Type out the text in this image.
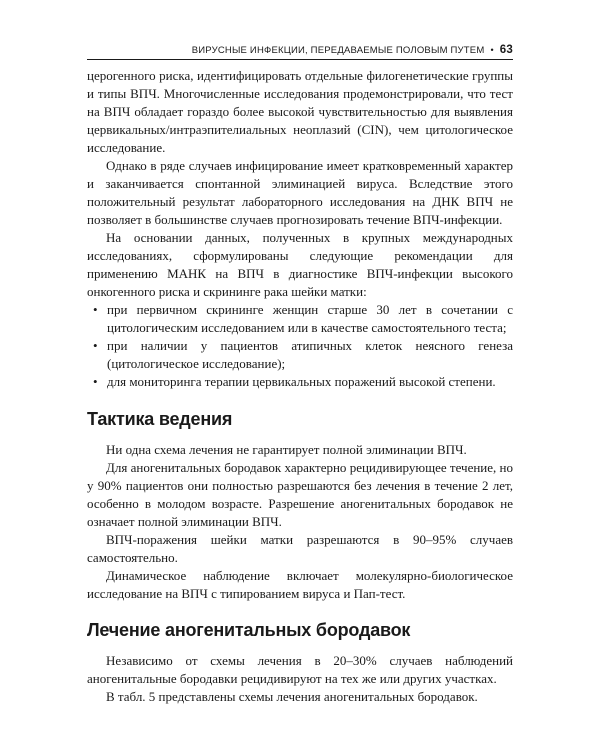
ВИРУСНЫЕ ИНФЕКЦИИ, ПЕРЕДАВАЕМЫЕ ПОЛОВЫМ ПУТЕМ • 63

церогенного риска, идентифицировать отдельные филогенетические группы и типы ВПЧ. Многочисленные исследования продемонстрировали, что тест на ВПЧ обладает гораздо более высокой чувствительностью для выявления цервикальных/интраэпителиальных неоплазий (CIN), чем цитологическое исследование.

Однако в ряде случаев инфицирование имеет кратковременный характер и заканчивается спонтанной элиминацией вируса. Вследствие этого положительный результат лабораторного исследования на ДНК ВПЧ не позволяет в большинстве случаев прогнозировать течение ВПЧ-инфекции.

На основании данных, полученных в крупных международных исследованиях, сформулированы следующие рекомендации для применению МАНК на ВПЧ в диагностике ВПЧ-инфекции высокого онкогенного риска и скрининге рака шейки матки:

• при первичном скрининге женщин старше 30 лет в сочетании с цитологическим исследованием или в качестве самостоятельного теста;
• при наличии у пациентов атипичных клеток неясного генеза (цитологическое исследование);
• для мониторинга терапии цервикальных поражений высокой степени.
Тактика ведения

Ни одна схема лечения не гарантирует полной элиминации ВПЧ.

Для аногенитальных бородавок характерно рецидивирующее течение, но у 90% пациентов они полностью разрешаются без лечения в течение 2 лет, особенно в молодом возрасте. Разрешение аногенитальных бородавок не означает полной элиминации ВПЧ.

ВПЧ-поражения шейки матки разрешаются в 90–95% случаев самостоятельно.

Динамическое наблюдение включает молекулярно-биологическое исследование на ВПЧ с типированием вируса и Пап-тест.

Лечение аногенитальных бородавок

Независимо от схемы лечения в 20–30% случаев наблюдений аногенитальные бородавки рецидивируют на тех же или других участках.

В табл. 5 представлены схемы лечения аногенитальных бородавок.
